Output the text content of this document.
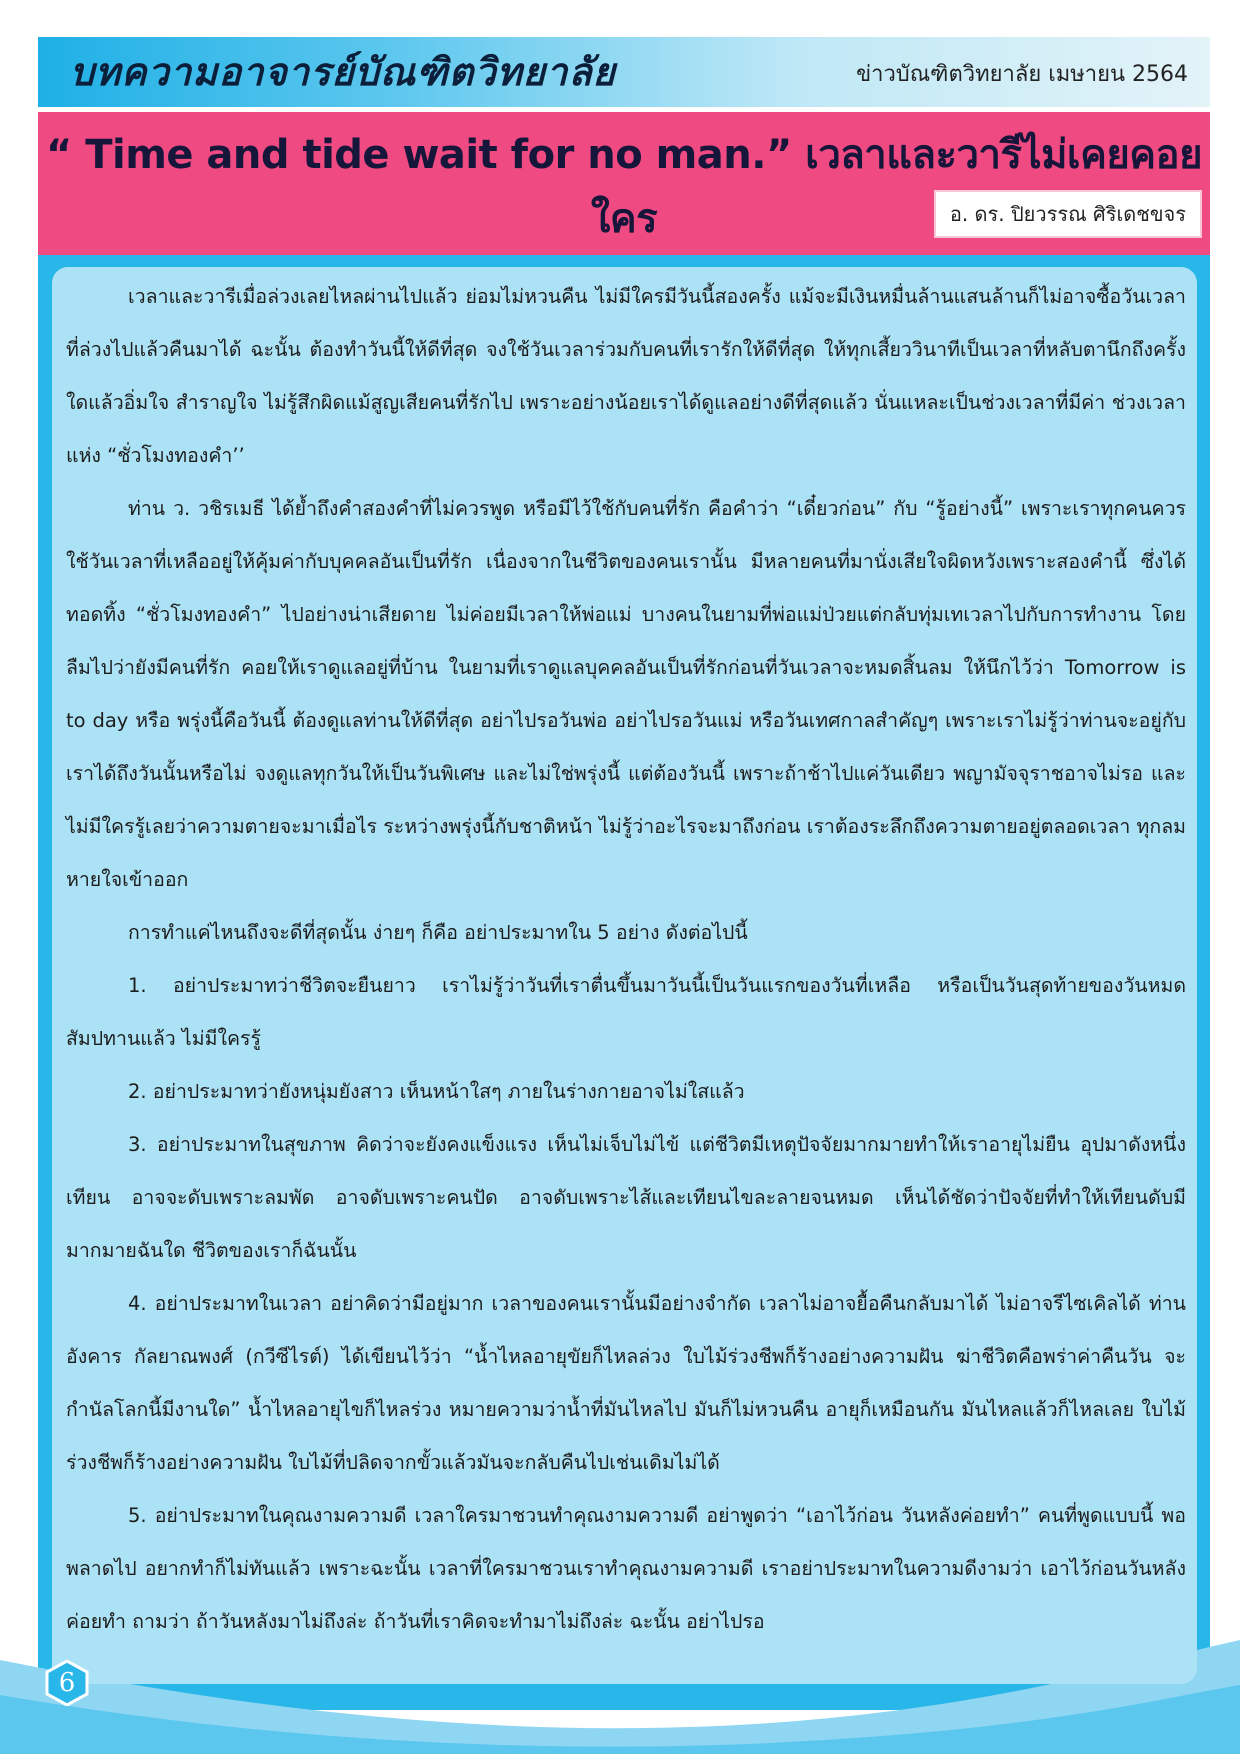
บทความอาจารย์บัณฑิตวิทยาลัย	ข่าวบัณฑิตวิทยาลัย เมษายน 2564
“ Time and tide wait for no man.” เวลาและวารีไม่เคยคอยใคร	อ. ดร. ปิยวรรณ ศิริเดชขจร

เวลาและวารีเมื่อล่วงเลยไหลผ่านไปแล้ว ย่อมไม่หวนคืน ไม่มีใครมีวันนี้สองครั้ง แม้จะมีเงินหมื่นล้านแสนล้านก็ไม่อาจซื้อวันเวลาที่ล่วงไปแล้วคืนมาได้ ฉะนั้น ต้องทำวันนี้ให้ดีที่สุด จงใช้วันเวลาร่วมกับคนที่เรารักให้ดีที่สุด ให้ทุกเสี้ยววินาทีเป็นเวลาที่หลับตานึกถึงครั้งใดแล้วอิ่มใจ สำราญใจ ไม่รู้สึกผิดแม้สูญเสียคนที่รักไป เพราะอย่างน้อยเราได้ดูแลอย่างดีที่สุดแล้ว นั่นแหละเป็นช่วงเวลาที่มีค่า ช่วงเวลาแห่ง “ชั่วโมงทองคำ’’

ท่าน ว. วชิรเมธี ได้ย้ำถึงคำสองคำที่ไม่ควรพูด หรือมีไว้ใช้กับคนที่รัก คือคำว่า “เดี๋ยวก่อน” กับ “รู้อย่างนี้” เพราะเราทุกคนควรใช้วันเวลาที่เหลืออยู่ให้คุ้มค่ากับบุคคลอันเป็นที่รัก เนื่องจากในชีวิตของคนเรานั้น มีหลายคนที่มานั่งเสียใจผิดหวังเพราะสองคำนี้ ซึ่งได้ทอดทิ้ง “ชั่วโมงทองคำ” ไปอย่างน่าเสียดาย ไม่ค่อยมีเวลาให้พ่อแม่ บางคนในยามที่พ่อแม่ป่วยแต่กลับทุ่มเทเวลาไปกับการทำงาน โดยลืมไปว่ายังมีคนที่รัก คอยให้เราดูแลอยู่ที่บ้าน ในยามที่เราดูแลบุคคลอันเป็นที่รักก่อนที่วันเวลาจะหมดสิ้นลม ให้นึกไว้ว่า Tomorrow is to day หรือ พรุ่งนี้คือวันนี้ ต้องดูแลท่านให้ดีที่สุด อย่าไปรอวันพ่อ อย่าไปรอวันแม่ หรือวันเทศกาลสำคัญๆ เพราะเราไม่รู้ว่าท่านจะอยู่กับเราได้ถึงวันนั้นหรือไม่ จงดูแลทุกวันให้เป็นวันพิเศษ และไม่ใช่พรุ่งนี้ แต่ต้องวันนี้ เพราะถ้าช้าไปแค่วันเดียว พญามัจจุราชอาจไม่รอ และไม่มีใครรู้เลยว่าความตายจะมาเมื่อไร ระหว่างพรุ่งนี้กับชาติหน้า ไม่รู้ว่าอะไรจะมาถึงก่อน เราต้องระลึกถึงความตายอยู่ตลอดเวลา ทุกลมหายใจเข้าออก

การทำแค่ไหนถึงจะดีที่สุดนั้น ง่ายๆ ก็คือ อย่าประมาทใน 5 อย่าง ดังต่อไปนี้

1. อย่าประมาทว่าชีวิตจะยืนยาว เราไม่รู้ว่าวันที่เราตื่นขึ้นมาวันนี้เป็นวันแรกของวันที่เหลือ หรือเป็นวันสุดท้ายของวันหมดสัมปทานแล้ว ไม่มีใครรู้

2. อย่าประมาทว่ายังหนุ่มยังสาว เห็นหน้าใสๆ ภายในร่างกายอาจไม่ใสแล้ว

3. อย่าประมาทในสุขภาพ คิดว่าจะยังคงแข็งแรง เห็นไม่เจ็บไม่ไข้ แต่ชีวิตมีเหตุปัจจัยมากมายทำให้เราอายุไม่ยืน อุปมาดังหนึ่งเทียน อาจจะดับเพราะลมพัด อาจดับเพราะคนปัด อาจดับเพราะไส้และเทียนไขละลายจนหมด เห็นได้ชัดว่าปัจจัยที่ทำให้เทียนดับมีมากมายฉันใด ชีวิตของเราก็ฉันนั้น

4. อย่าประมาทในเวลา อย่าคิดว่ามีอยู่มาก เวลาของคนเรานั้นมีอย่างจำกัด เวลาไม่อาจยื้อคืนกลับมาได้ ไม่อาจรีไซเคิลได้ ท่านอังคาร กัลยาณพงศ์ (กวีซีไรต์) ได้เขียนไว้ว่า “น้ำไหลอายุขัยก็ไหลล่วง ใบไม้ร่วงชีพก็ร้างอย่างความฝัน ฆ่าชีวิตคือพร่าค่าคืนวัน จะกำนัลโลกนี้มีงานใด” น้ำไหลอายุไขก็ไหลร่วง หมายความว่าน้ำที่มันไหลไป มันก็ไม่หวนคืน อายุก็เหมือนกัน มันไหลแล้วก็ไหลเลย ใบไม้ร่วงชีพก็ร้างอย่างความฝัน ใบไม้ที่ปลิดจากขั้วแล้วมันจะกลับคืนไปเช่นเดิมไม่ได้

5. อย่าประมาทในคุณงามความดี เวลาใครมาชวนทำคุณงามความดี อย่าพูดว่า “เอาไว้ก่อน วันหลังค่อยทำ” คนที่พูดแบบนี้ พอพลาดไป อยากทำก็ไม่ทันแล้ว เพราะฉะนั้น เวลาที่ใครมาชวนเราทำคุณงามความดี เราอย่าประมาทในความดีงามว่า เอาไว้ก่อนวันหลังค่อยทำ ถามว่า ถ้าวันหลังมาไม่ถึงล่ะ ถ้าวันที่เราคิดจะทำมาไม่ถึงล่ะ ฉะนั้น อย่าไปรอ

6
